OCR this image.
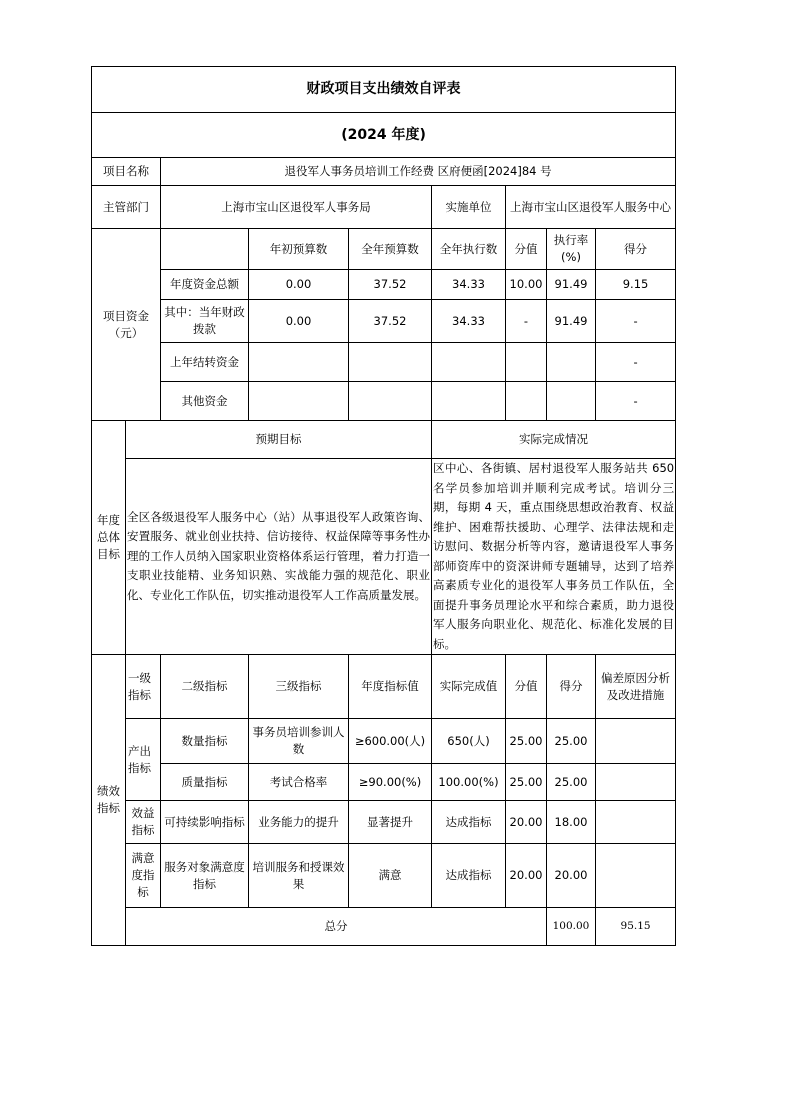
财政项目支出绩效自评表									
(2024 年度)									
项目名称		退役军人事务员培训工作经费 区府便函[2024]84 号							
主管部门		上海市宝山区退役军人事务局			实施单位	上海市宝山区退役军人服务中心			
项目资金（元）			年初预算数	全年预算数	全年执行数	分值	执行率(%)	得分	
		年度资金总额	0.00	37.52	34.33	10.00	91.49	9.15	
		其中：当年财政拨款	0.00	37.52	34.33	-	91.49	-	
		上年结转资金						-	
		其他资金						-	
年度总体目标	预期目标				实际完成情况				
	全区各级退役军人服务中心（站）从事退役军人政策咨询、安置服务、就业创业扶持、信访接待、权益保障等事务性办理的工作人员纳入国家职业资格体系运行管理，着力打造一支职业技能精、业务知识熟、实战能力强的规范化、职业化、专业化工作队伍，切实推动退役军人工作高质量发展。				区中心、各街镇、居村退役军人服务站共 650 名学员参加培训并顺利完成考试。培训分三期，每期 4 天，重点围绕思想政治教育、权益维护、困难帮扶援助、心理学、法律法规和走访慰问、数据分析等内容，邀请退役军人事务部师资库中的资深讲师专题辅导，达到了培养高素质专业化的退役军人事务员工作队伍，全面提升事务员理论水平和综合素质，助力退役军人服务向职业化、规范化、标准化发展的目标。				
绩效指标	一级指标	二级指标	三级指标	年度指标值	实际完成值	分值	得分	偏差原因分析及改进措施	
	产出指标	数量指标	事务员培训参训人数	≥600.00(人)	650(人)	25.00	25.00		
		质量指标	考试合格率	≥90.00(%)	100.00(%)	25.00	25.00		
	效益指标	可持续影响指标	业务能力的提升	显著提升	达成指标	20.00	18.00		
	满意度指标	服务对象满意度指标	培训服务和授课效果	满意	达成指标	20.00	20.00		
	总分						100.00	95.15	
